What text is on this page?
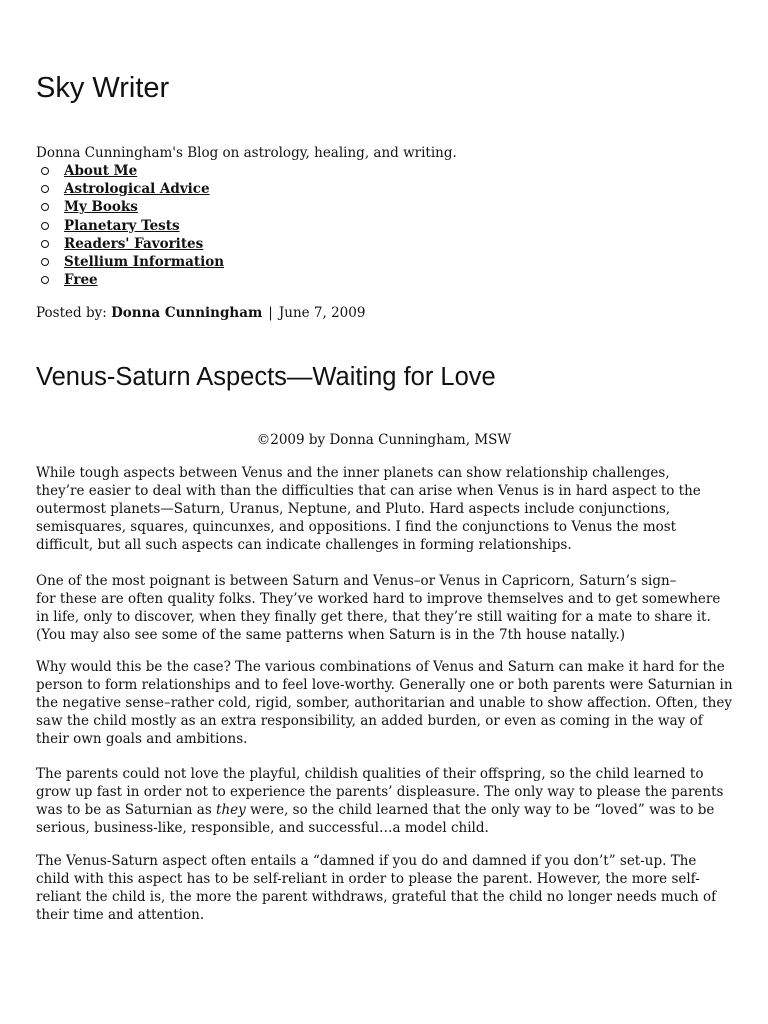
Sky Writer

Donna Cunningham's Blog on astrology, healing, and writing.

About Me
Astrological Advice
My Books
Planetary Tests
Readers' Favorites
Stellium Information
Free

Posted by: Donna Cunningham | June 7, 2009

Venus-Saturn Aspects—Waiting for Love

©2009 by Donna Cunningham, MSW

While tough aspects between Venus and the inner planets can show relationship challenges,
they’re easier to deal with than the difficulties that can arise when Venus is in hard aspect to the
outermost planets—Saturn, Uranus, Neptune, and Pluto. Hard aspects include conjunctions,
semisquares, squares, quincunxes, and oppositions. I find the conjunctions to Venus the most
difficult, but all such aspects can indicate challenges in forming relationships.

One of the most poignant is between Saturn and Venus–or Venus in Capricorn, Saturn’s sign–
for these are often quality folks. They’ve worked hard to improve themselves and to get somewhere
in life, only to discover, when they finally get there, that they’re still waiting for a mate to share it.
(You may also see some of the same patterns when Saturn is in the 7th house natally.)

Why would this be the case? The various combinations of Venus and Saturn can make it hard for the
person to form relationships and to feel love-worthy. Generally one or both parents were Saturnian in
the negative sense–rather cold, rigid, somber, authoritarian and unable to show affection. Often, they
saw the child mostly as an extra responsibility, an added burden, or even as coming in the way of
their own goals and ambitions.

The parents could not love the playful, childish qualities of their offspring, so the child learned to
grow up fast in order not to experience the parents’ displeasure. The only way to please the parents
was to be as Saturnian as they were, so the child learned that the only way to be “loved” was to be
serious, business-like, responsible, and successful…a model child.

The Venus-Saturn aspect often entails a “damned if you do and damned if you don’t” set-up. The
child with this aspect has to be self-reliant in order to please the parent. However, the more self-
reliant the child is, the more the parent withdraws, grateful that the child no longer needs much of
their time and attention.
